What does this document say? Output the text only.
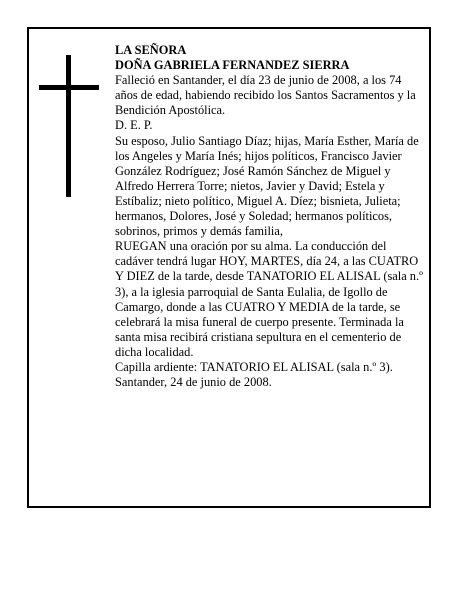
LA SEÑORA

DOÑA GABRIELA FERNANDEZ SIERRA

Falleció en Santander, el día 23 de junio de 2008, a los 74 años de edad, habiendo recibido los Santos Sacramentos y la Bendición Apostólica.

D. E. P.

Su esposo, Julio Santiago Díaz; hijas, María Esther, María de los Angeles y María Inés; hijos políticos, Francisco Javier González Rodríguez; José Ramón Sánchez de Miguel y Alfredo Herrera Torre; nietos, Javier y David; Estela y Estíbaliz; nieto político, Miguel A. Díez; bisnieta, Julieta; hermanos, Dolores, José y Soledad; hermanos políticos, sobrinos, primos y demás familia,

RUEGAN una oración por su alma. La conducción del cadáver tendrá lugar HOY, MARTES, día 24, a las CUATRO Y DIEZ de la tarde, desde TANATORIO EL ALISAL (sala n.º 3), a la iglesia parroquial de Santa Eulalia, de Igollo de Camargo, donde a las CUATRO Y MEDIA de la tarde, se celebrará la misa funeral de cuerpo presente. Terminada la santa misa recibirá cristiana sepultura en el cementerio de dicha localidad.

Capilla ardiente: TANATORIO EL ALISAL (sala n.º 3).

Santander, 24 de junio de 2008.
